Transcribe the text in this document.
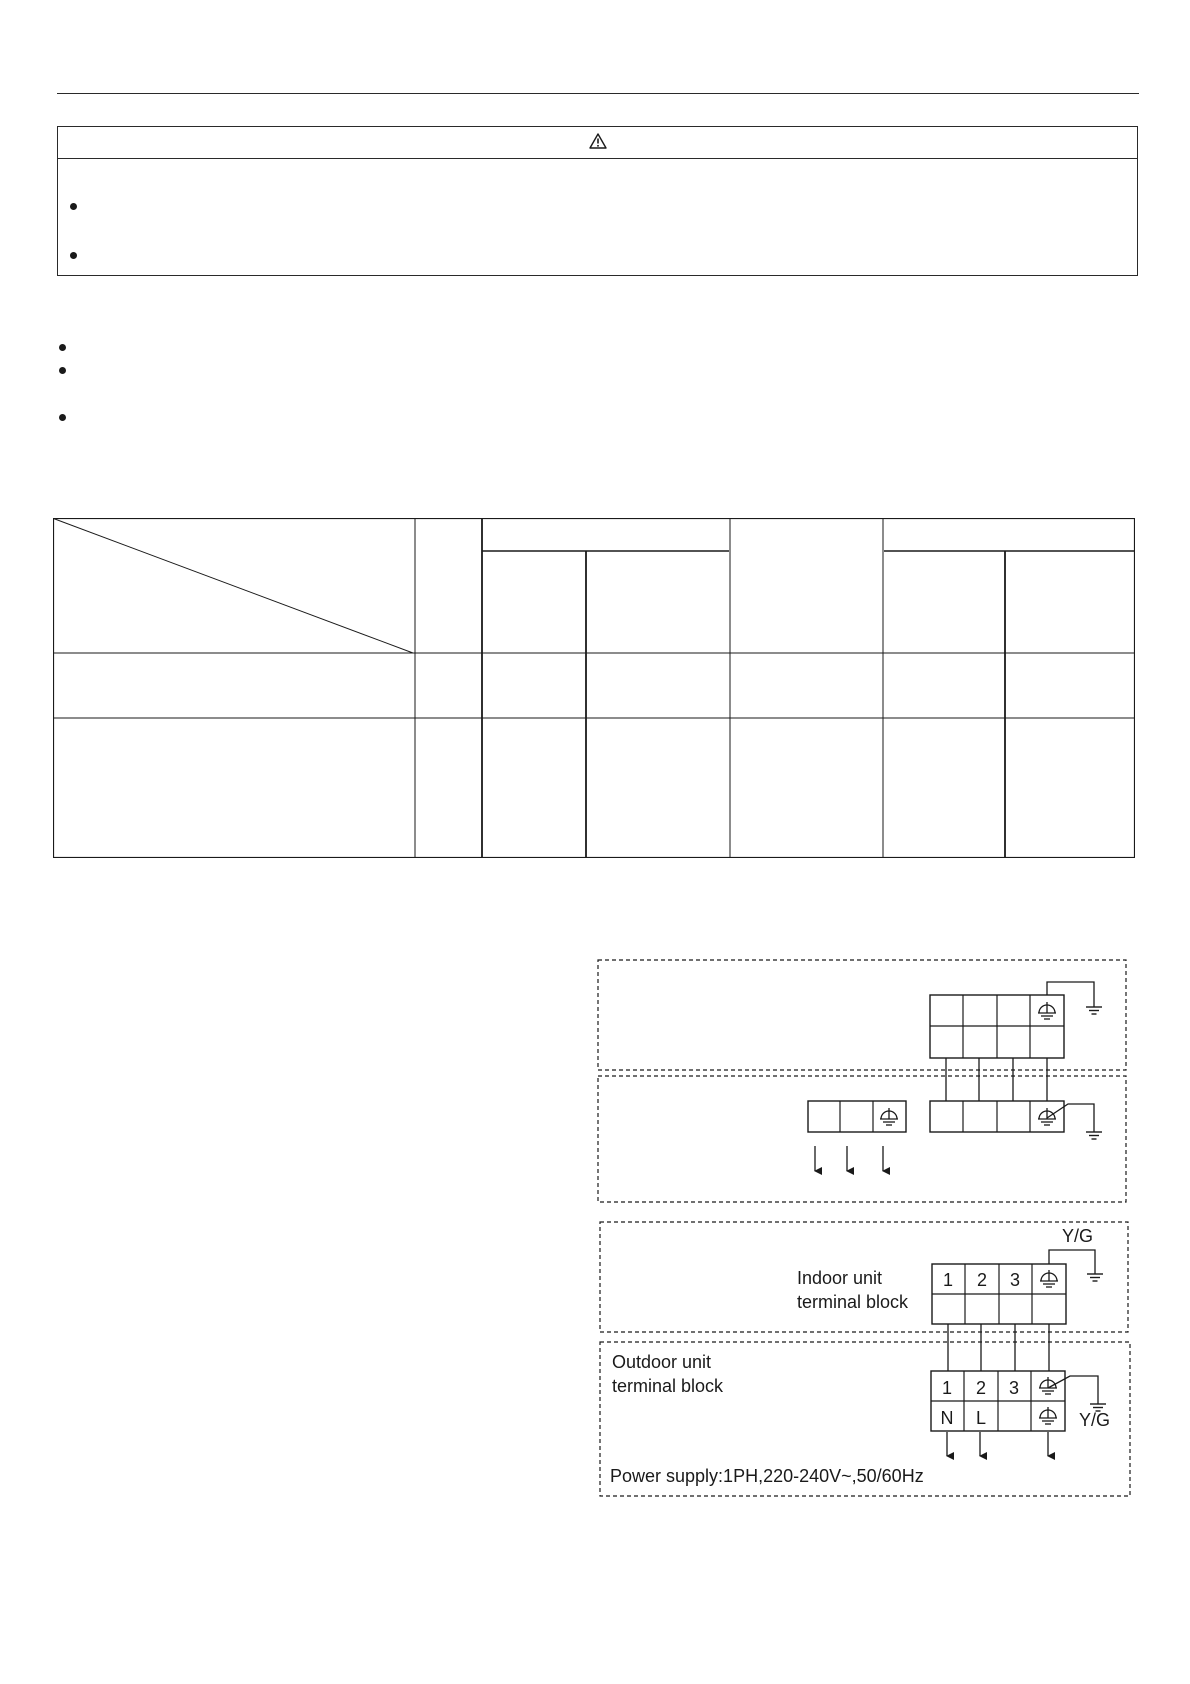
Y/G
Indoor unit
terminal block
1 2 3
Outdoor unit
terminal block	1 2 3
N L	Y/G
Power supply:1PH,220-240V~,50/60Hz
